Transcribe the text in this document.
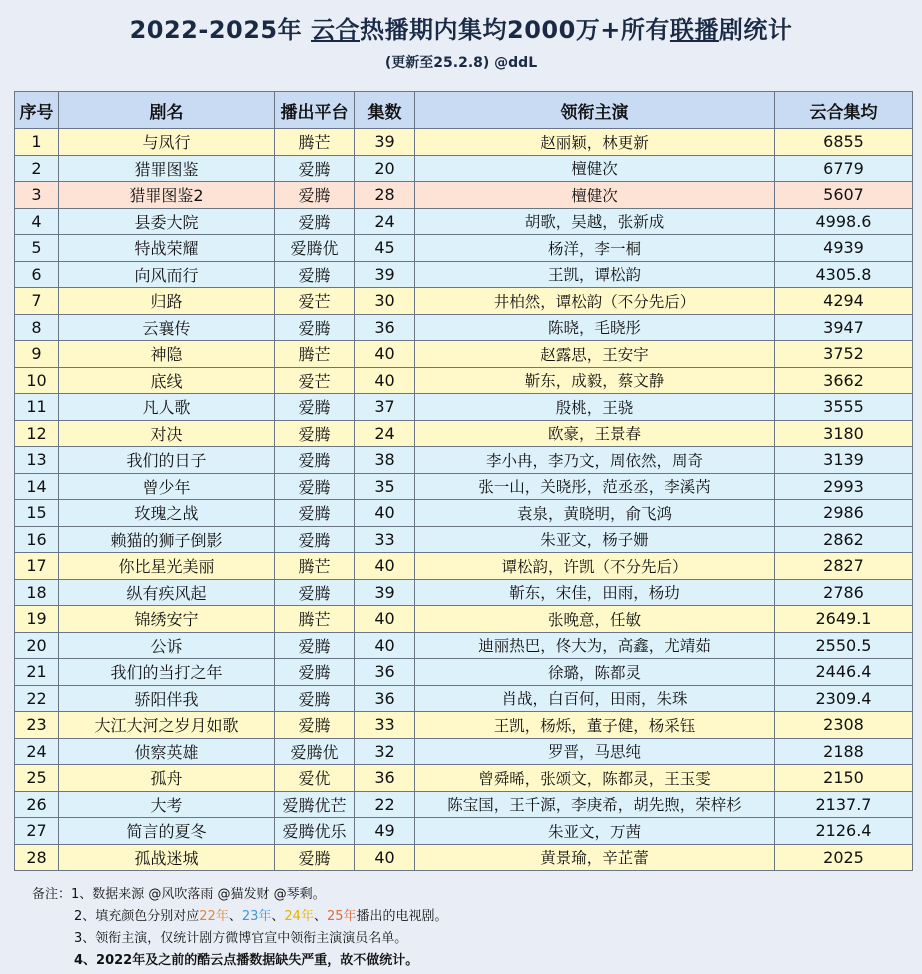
2022-2025年 云合热播期内集均2000万+所有联播剧统计
(更新至25.2.8) @ddL
序号	剧名	播出平台	集数	领衔主演	云合集均
1	与凤行	腾芒	39	赵丽颖，林更新	6855
2	猎罪图鉴	爱腾	20	檀健次	6779
3	猎罪图鉴2	爱腾	28	檀健次	5607
4	县委大院	爱腾	24	胡歌，吴越，张新成	4998.6
5	特战荣耀	爱腾优	45	杨洋，李一桐	4939
6	向风而行	爱腾	39	王凯，谭松韵	4305.8
7	归路	爱芒	30	井柏然，谭松韵（不分先后）	4294
8	云襄传	爱腾	36	陈晓，毛晓彤	3947
9	神隐	腾芒	40	赵露思，王安宇	3752
10	底线	爱芒	40	靳东，成毅，蔡文静	3662
11	凡人歌	爱腾	37	殷桃，王骁	3555
12	对决	爱腾	24	欧豪，王景春	3180
13	我们的日子	爱腾	38	李小冉，李乃文，周依然，周奇	3139
14	曾少年	爱腾	35	张一山，关晓彤，范丞丞，李溪芮	2993
15	玫瑰之战	爱腾	40	袁泉，黄晓明，俞飞鸿	2986
16	赖猫的狮子倒影	爱腾	33	朱亚文，杨子姗	2862
17	你比星光美丽	腾芒	40	谭松韵，许凯（不分先后）	2827
18	纵有疾风起	爱腾	39	靳东，宋佳，田雨，杨玏	2786
19	锦绣安宁	腾芒	40	张晚意，任敏	2649.1
20	公诉	爱腾	40	迪丽热巴，佟大为，高鑫，尤靖茹	2550.5
21	我们的当打之年	爱腾	36	徐璐，陈都灵	2446.4
22	骄阳伴我	爱腾	36	肖战，白百何，田雨，朱珠	2309.4
23	大江大河之岁月如歌	爱腾	33	王凯，杨烁，董子健，杨采钰	2308
24	侦察英雄	爱腾优	32	罗晋，马思纯	2188
25	孤舟	爱优	36	曾舜晞，张颂文，陈都灵，王玉雯	2150
26	大考	爱腾优芒	22	陈宝国，王千源，李庚希，胡先煦，荣梓杉	2137.7
27	简言的夏冬	爱腾优乐	49	朱亚文，万茜	2126.4
28	孤战迷城	爱腾	40	黄景瑜，辛芷蕾	2025
备注：1、数据来源 @风吹落雨 @猫发财 @琴剩。
2、填充颜色分别对应22年、23年、24年、25年播出的电视剧。
3、领衔主演，仅统计剧方微博官宣中领衔主演演员名单。
4、2022年及之前的酷云点播数据缺失严重，故不做统计。
